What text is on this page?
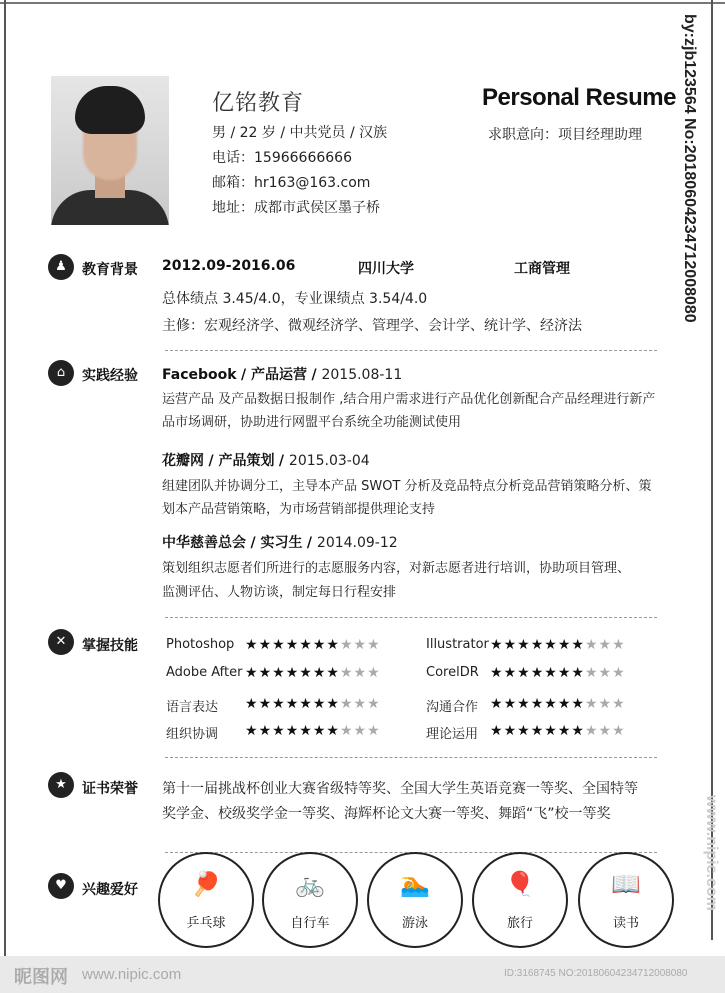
亿铭教育
男 / 22 岁 / 中共党员 / 汉族
电话：15966666666
邮箱：hr163@163.com
地址：成都市武侯区墨子桥
Personal Resume
求职意向：项目经理助理
♟	教育背景 2012.09-2016.06	四川大学	工商管理
总体绩点 3.45/4.0，专业课绩点 3.54/4.0
主修：宏观经济学、微观经济学、管理学、会计学、统计学、经济法
⌂	实践经验 Facebook / 产品运营 / 2015.08-11
运营产品 及产品数据日报制作 ,结合用户需求进行产品优化创新配合产品经理进行新产
品市场调研，协助进行网盟平台系统全功能测试使用
花瓣网 / 产品策划 / 2015.03-04
组建团队并协调分工，主导本产品 SWOT 分析及竞品特点分析竞品营销策略分析、策
划本产品营销策略，为市场营销部提供理论支持
中华慈善总会 / 实习生 / 2014.09-12
策划组织志愿者们所进行的志愿服务内容，对新志愿者进行培训，协助项目管理、
监测评估、人物访谈，制定每日行程安排
✕	掌握技能 Photoshop ★★★★★★★★★★	Illustrator ★★★★★★★★★★
Adobe After ★★★★★★★★★★	CorelDR ★★★★★★★★★★
语言表达 ★★★★★★★★★★	沟通合作 ★★★★★★★★★★
组织协调 ★★★★★★★★★★	理论运用 ★★★★★★★★★★
★	证书荣誉 第十一届挑战杯创业大赛省级特等奖、全国大学生英语竞赛一等奖、全国特等
奖学金、校级奖学金一等奖、海辉杯论文大赛一等奖、舞蹈“飞”校一等奖
♥	兴趣爱好	🏓
乒乓球
🚲
自行车
🏊
游泳
🎈
旅行
📖
读书
by:zjb123564 No:20180604234712008080
www.nipic.com
昵图网 www.nipic.com	ID:3168745 NO:20180604234712008080
